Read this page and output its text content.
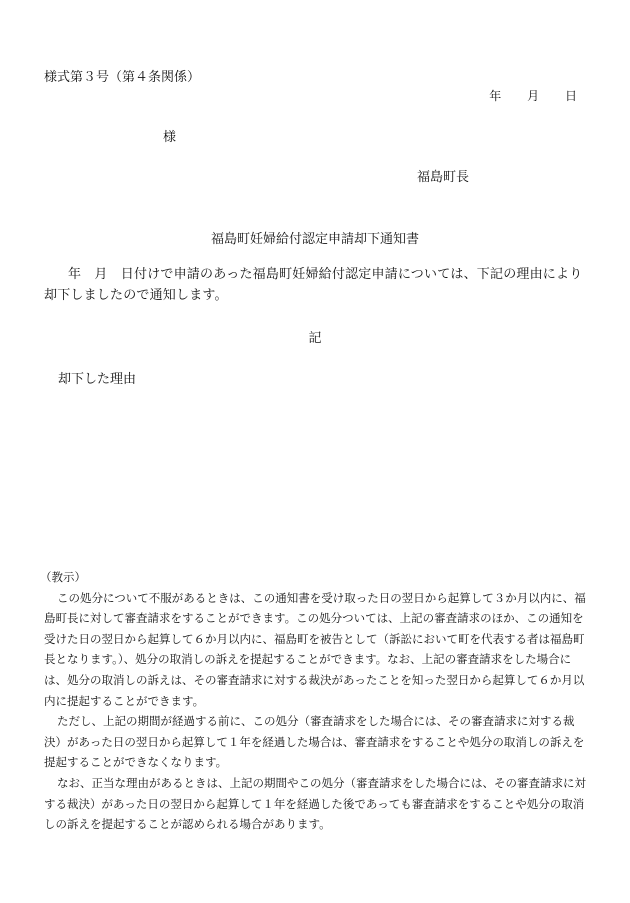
様式第３号（第４条関係）
年 月 日
様
福島町長
福島町妊婦給付認定申請却下通知書
年　月　日付けで申請のあった福島町妊婦給付認定申請については、下記の理由により却下しましたので通知します。
記
却下した理由
（教示）

この処分について不服があるときは、この通知書を受け取った日の翌日から起算して３か月以内に、福島町長に対して審査請求をすることができます。この処分ついては、上記の審査請求のほか、この通知を受けた日の翌日から起算して６か月以内に、福島町を被告として（訴訟において町を代表する者は福島町長となります。）、処分の取消しの訴えを提起することができます。なお、上記の審査請求をした場合には、処分の取消しの訴えは、その審査請求に対する裁決があったことを知った翌日から起算して６か月以内に提起することができます。

ただし、上記の期間が経過する前に、この処分（審査請求をした場合には、その審査請求に対する裁決）があった日の翌日から起算して１年を経過した場合は、審査請求をすることや処分の取消しの訴えを提起することができなくなります。

なお、正当な理由があるときは、上記の期間やこの処分（審査請求をした場合には、その審査請求に対する裁決）があった日の翌日から起算して１年を経過した後であっても審査請求をすることや処分の取消しの訴えを提起することが認められる場合があります。
